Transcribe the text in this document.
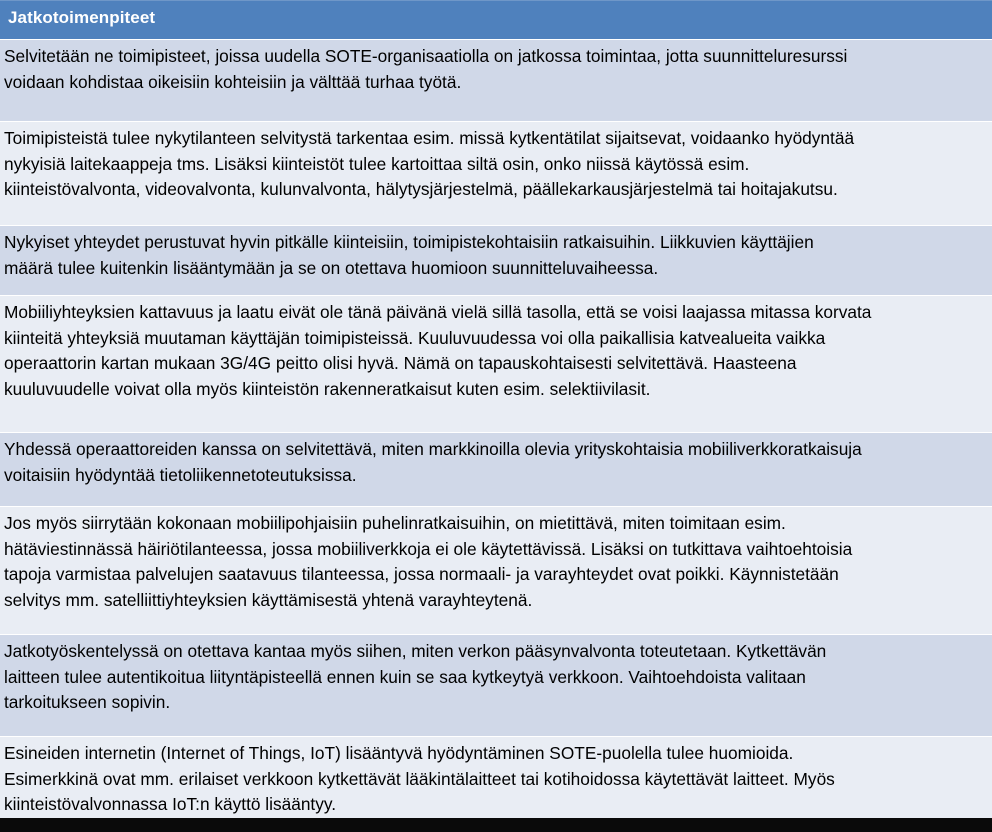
Jatkotoimenpiteet
Selvitetään ne toimipisteet, joissa uudella SOTE-organisaatiolla on jatkossa toimintaa, jotta suunnitteluresurssi
voidaan kohdistaa oikeisiin kohteisiin ja välttää turhaa työtä.
Toimipisteistä tulee nykytilanteen selvitystä tarkentaa esim. missä kytkentätilat sijaitsevat, voidaanko hyödyntää
nykyisiä laitekaappeja tms. Lisäksi kiinteistöt tulee kartoittaa siltä osin, onko niissä käytössä esim.
kiinteistövalvonta, videovalvonta, kulunvalvonta, hälytysjärjestelmä, päällekarkausjärjestelmä tai hoitajakutsu.
Nykyiset yhteydet perustuvat hyvin pitkälle kiinteisiin, toimipistekohtaisiin ratkaisuihin. Liikkuvien käyttäjien
määrä tulee kuitenkin lisääntymään ja se on otettava huomioon suunnitteluvaiheessa.
Mobiiliyhteyksien kattavuus ja laatu eivät ole tänä päivänä vielä sillä tasolla, että se voisi laajassa mitassa korvata
kiinteitä yhteyksiä muutaman käyttäjän toimipisteissä. Kuuluvuudessa voi olla paikallisia katvealueita vaikka
operaattorin kartan mukaan 3G/4G peitto olisi hyvä. Nämä on tapauskohtaisesti selvitettävä. Haasteena
kuuluvuudelle voivat olla myös kiinteistön rakenneratkaisut kuten esim. selektiivilasit.
Yhdessä operaattoreiden kanssa on selvitettävä, miten markkinoilla olevia yrityskohtaisia mobiiliverkkoratkaisuja
voitaisiin hyödyntää tietoliikennetoteutuksissa.
Jos myös siirrytään kokonaan mobiilipohjaisiin puhelinratkaisuihin, on mietittävä, miten toimitaan esim.
hätäviestinnässä häiriötilanteessa, jossa mobiiliverkkoja ei ole käytettävissä. Lisäksi on tutkittava vaihtoehtoisia
tapoja varmistaa palvelujen saatavuus tilanteessa, jossa normaali- ja varayhteydet ovat poikki. Käynnistetään
selvitys mm. satelliittiyhteyksien käyttämisestä yhtenä varayhteytenä.
Jatkotyöskentelyssä on otettava kantaa myös siihen, miten verkon pääsynvalvonta toteutetaan. Kytkettävän
laitteen tulee autentikoitua liityntäpisteellä ennen kuin se saa kytkeytyä verkkoon. Vaihtoehdoista valitaan
tarkoitukseen sopivin.
Esineiden internetin (Internet of Things, IoT) lisääntyvä hyödyntäminen SOTE-puolella tulee huomioida.
Esimerkkinä ovat mm. erilaiset verkkoon kytkettävät lääkintälaitteet tai kotihoidossa käytettävät laitteet. Myös
kiinteistövalvonnassa IoT:n käyttö lisääntyy.
